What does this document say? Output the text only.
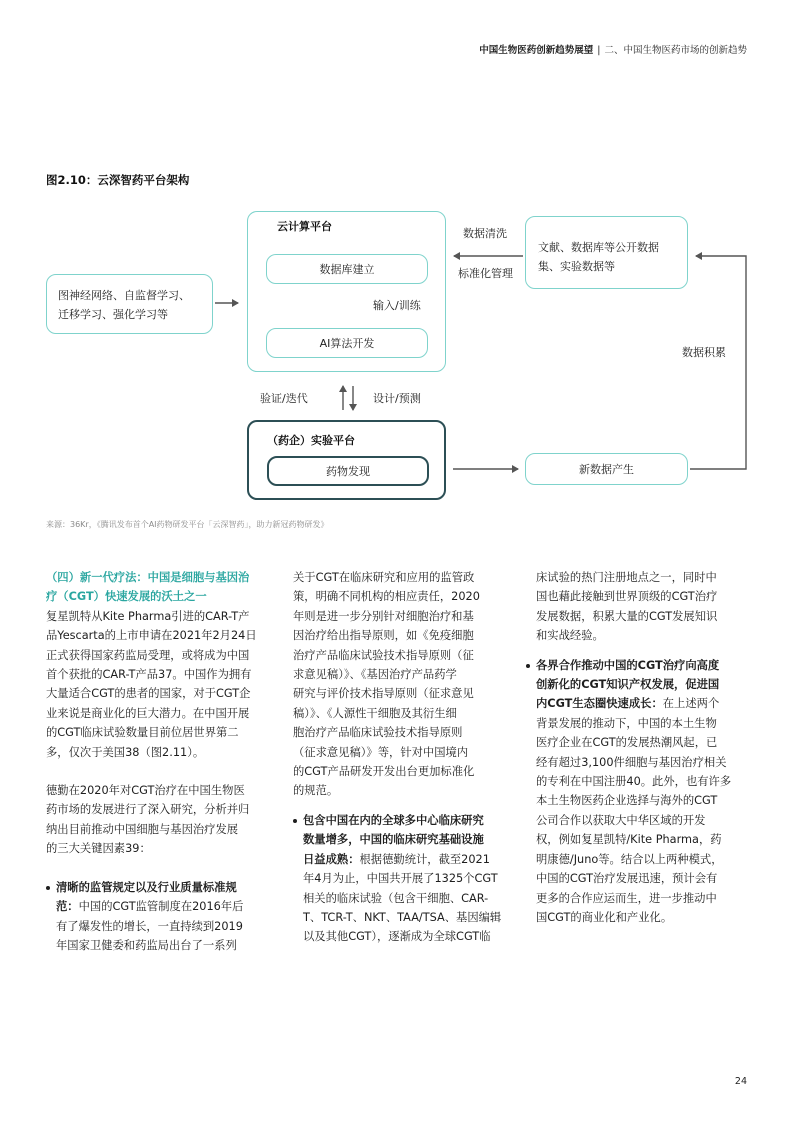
中国生物医药创新趋势展望 | 二、中国生物医药市场的创新趋势
图2.10：云深智药平台架构
图神经网络、自监督学习、
迁移学习、强化学习等
云计算平台
数据库建立
AI算法开发
输入/训练
（药企）实验平台
药物发现
文献、数据库等公开数据
集、实验数据等
新数据产生
数据清洗
标准化管理
数据积累
验证/迭代	设计/预测
来源：36Kr，《腾讯发布首个AI药物研发平台「云深智药」，助力新冠药物研发》

（四）新一代疗法：中国是细胞与基因治
疗（CGT）快速发展的沃土之一

复星凯特从Kite Pharma引进的CAR-T产
品Yescarta的上市申请在2021年2月24日
正式获得国家药监局受理，或将成为中国
首个获批的CAR-T产品37。中国作为拥有
大量适合CGT的患者的国家，对于CGT企
业来说是商业化的巨大潜力。在中国开展
的CGT临床试验数量目前位居世界第二
多，仅次于美国38（图2.11）。

德勤在2020年对CGT治疗在中国生物医
药市场的发展进行了深入研究，分析并归
纳出目前推动中国细胞与基因治疗发展
的三大关键因素39：

清晰的监管规定以及行业质量标准规
范：中国的CGT监管制度在2016年后
有了爆发性的增长，一直持续到2019
年国家卫健委和药监局出台了一系列

关于CGT在临床研究和应用的监管政
策，明确不同机构的相应责任，2020
年则是进一步分别针对细胞治疗和基
因治疗给出指导原则，如《免疫细胞
治疗产品临床试验技术指导原则（征
求意见稿）》、《基因治疗产品药学
研究与评价技术指导原则（征求意见
稿）》、《人源性干细胞及其衍生细
胞治疗产品临床试验技术指导原则
（征求意见稿）》等，针对中国境内
的CGT产品研发开发出台更加标准化
的规范。

包含中国在内的全球多中心临床研究
数量增多，中国的临床研究基础设施
日益成熟：根据德勤统计，截至2021
年4月为止，中国共开展了1325个CGT
相关的临床试验（包含干细胞、CAR-
T、TCR-T、NKT、TAA/TSA、基因编辑
以及其他CGT），逐渐成为全球CGT临

床试验的热门注册地点之一，同时中
国也藉此接触到世界顶级的CGT治疗
发展数据，积累大量的CGT发展知识
和实战经验。

各界合作推动中国的CGT治疗向高度
创新化的CGT知识产权发展，促进国
内CGT生态圈快速成长：在上述两个
背景发展的推动下，中国的本土生物
医疗企业在CGT的发展热潮风起，已
经有超过3,100件细胞与基因治疗相关
的专利在中国注册40。此外，也有许多
本土生物医药企业选择与海外的CGT
公司合作以获取大中华区域的开发
权，例如复星凯特/Kite Pharma，药
明康德/Juno等。结合以上两种模式，
中国的CGT治疗发展迅速，预计会有
更多的合作应运而生，进一步推动中
国CGT的商业化和产业化。

24
